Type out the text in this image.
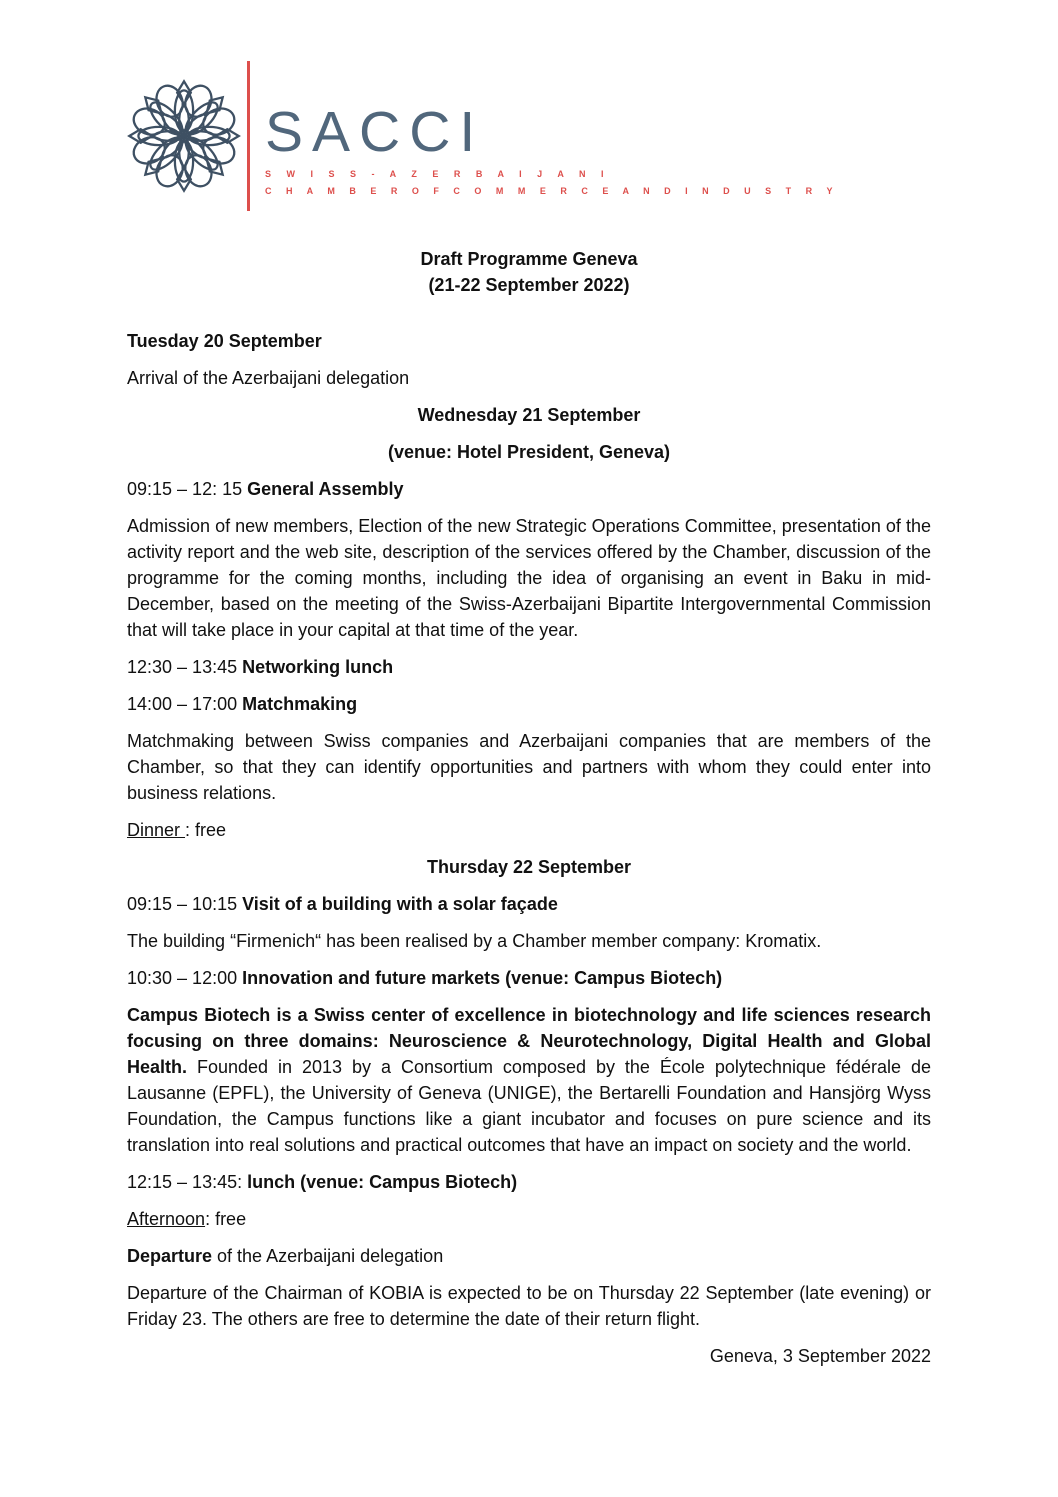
SACCI
S W I S S - A Z E R B A I J A N I
C H A M B E R O F C O M M E R C E A N D I N D U S T R Y

Draft Programme Geneva

(21-22 September 2022)

Tuesday 20 September

Arrival of the Azerbaijani delegation

Wednesday 21 September

(venue: Hotel President, Geneva)

09:15 – 12: 15 General Assembly

Admission of new members, Election of the new Strategic Operations Committee, presentation of the activity report and the web site, description of the services offered by the Chamber, discussion of the programme for the coming months, including the idea of organising an event in Baku in mid-December, based on the meeting of the Swiss-Azerbaijani Bipartite Intergovernmental Commission that will take place in your capital at that time of the year.

12:30 – 13:45 Networking lunch

14:00 – 17:00 Matchmaking

Matchmaking between Swiss companies and Azerbaijani companies that are members of the Chamber, so that they can identify opportunities and partners with whom they could enter into business relations.

Dinner : free

Thursday 22 September

09:15 – 10:15 Visit of a building with a solar façade

The building “Firmenich“ has been realised by a Chamber member company: Kromatix.

10:30 – 12:00 Innovation and future markets (venue: Campus Biotech)

Campus Biotech is a Swiss center of excellence in biotechnology and life sciences research focusing on three domains: Neuroscience & Neurotechnology, Digital Health and Global Health. Founded in 2013 by a Consortium composed by the École polytechnique fédérale de Lausanne (EPFL), the University of Geneva (UNIGE), the Bertarelli Foundation and Hansjörg Wyss Foundation, the Campus functions like a giant incubator and focuses on pure science and its translation into real solutions and practical outcomes that have an impact on society and the world.

12:15 – 13:45: lunch (venue: Campus Biotech)

Afternoon: free

Departure of the Azerbaijani delegation

Departure of the Chairman of KOBIA is expected to be on Thursday 22 September (late evening) or Friday 23. The others are free to determine the date of their return flight.

Geneva, 3 September 2022
